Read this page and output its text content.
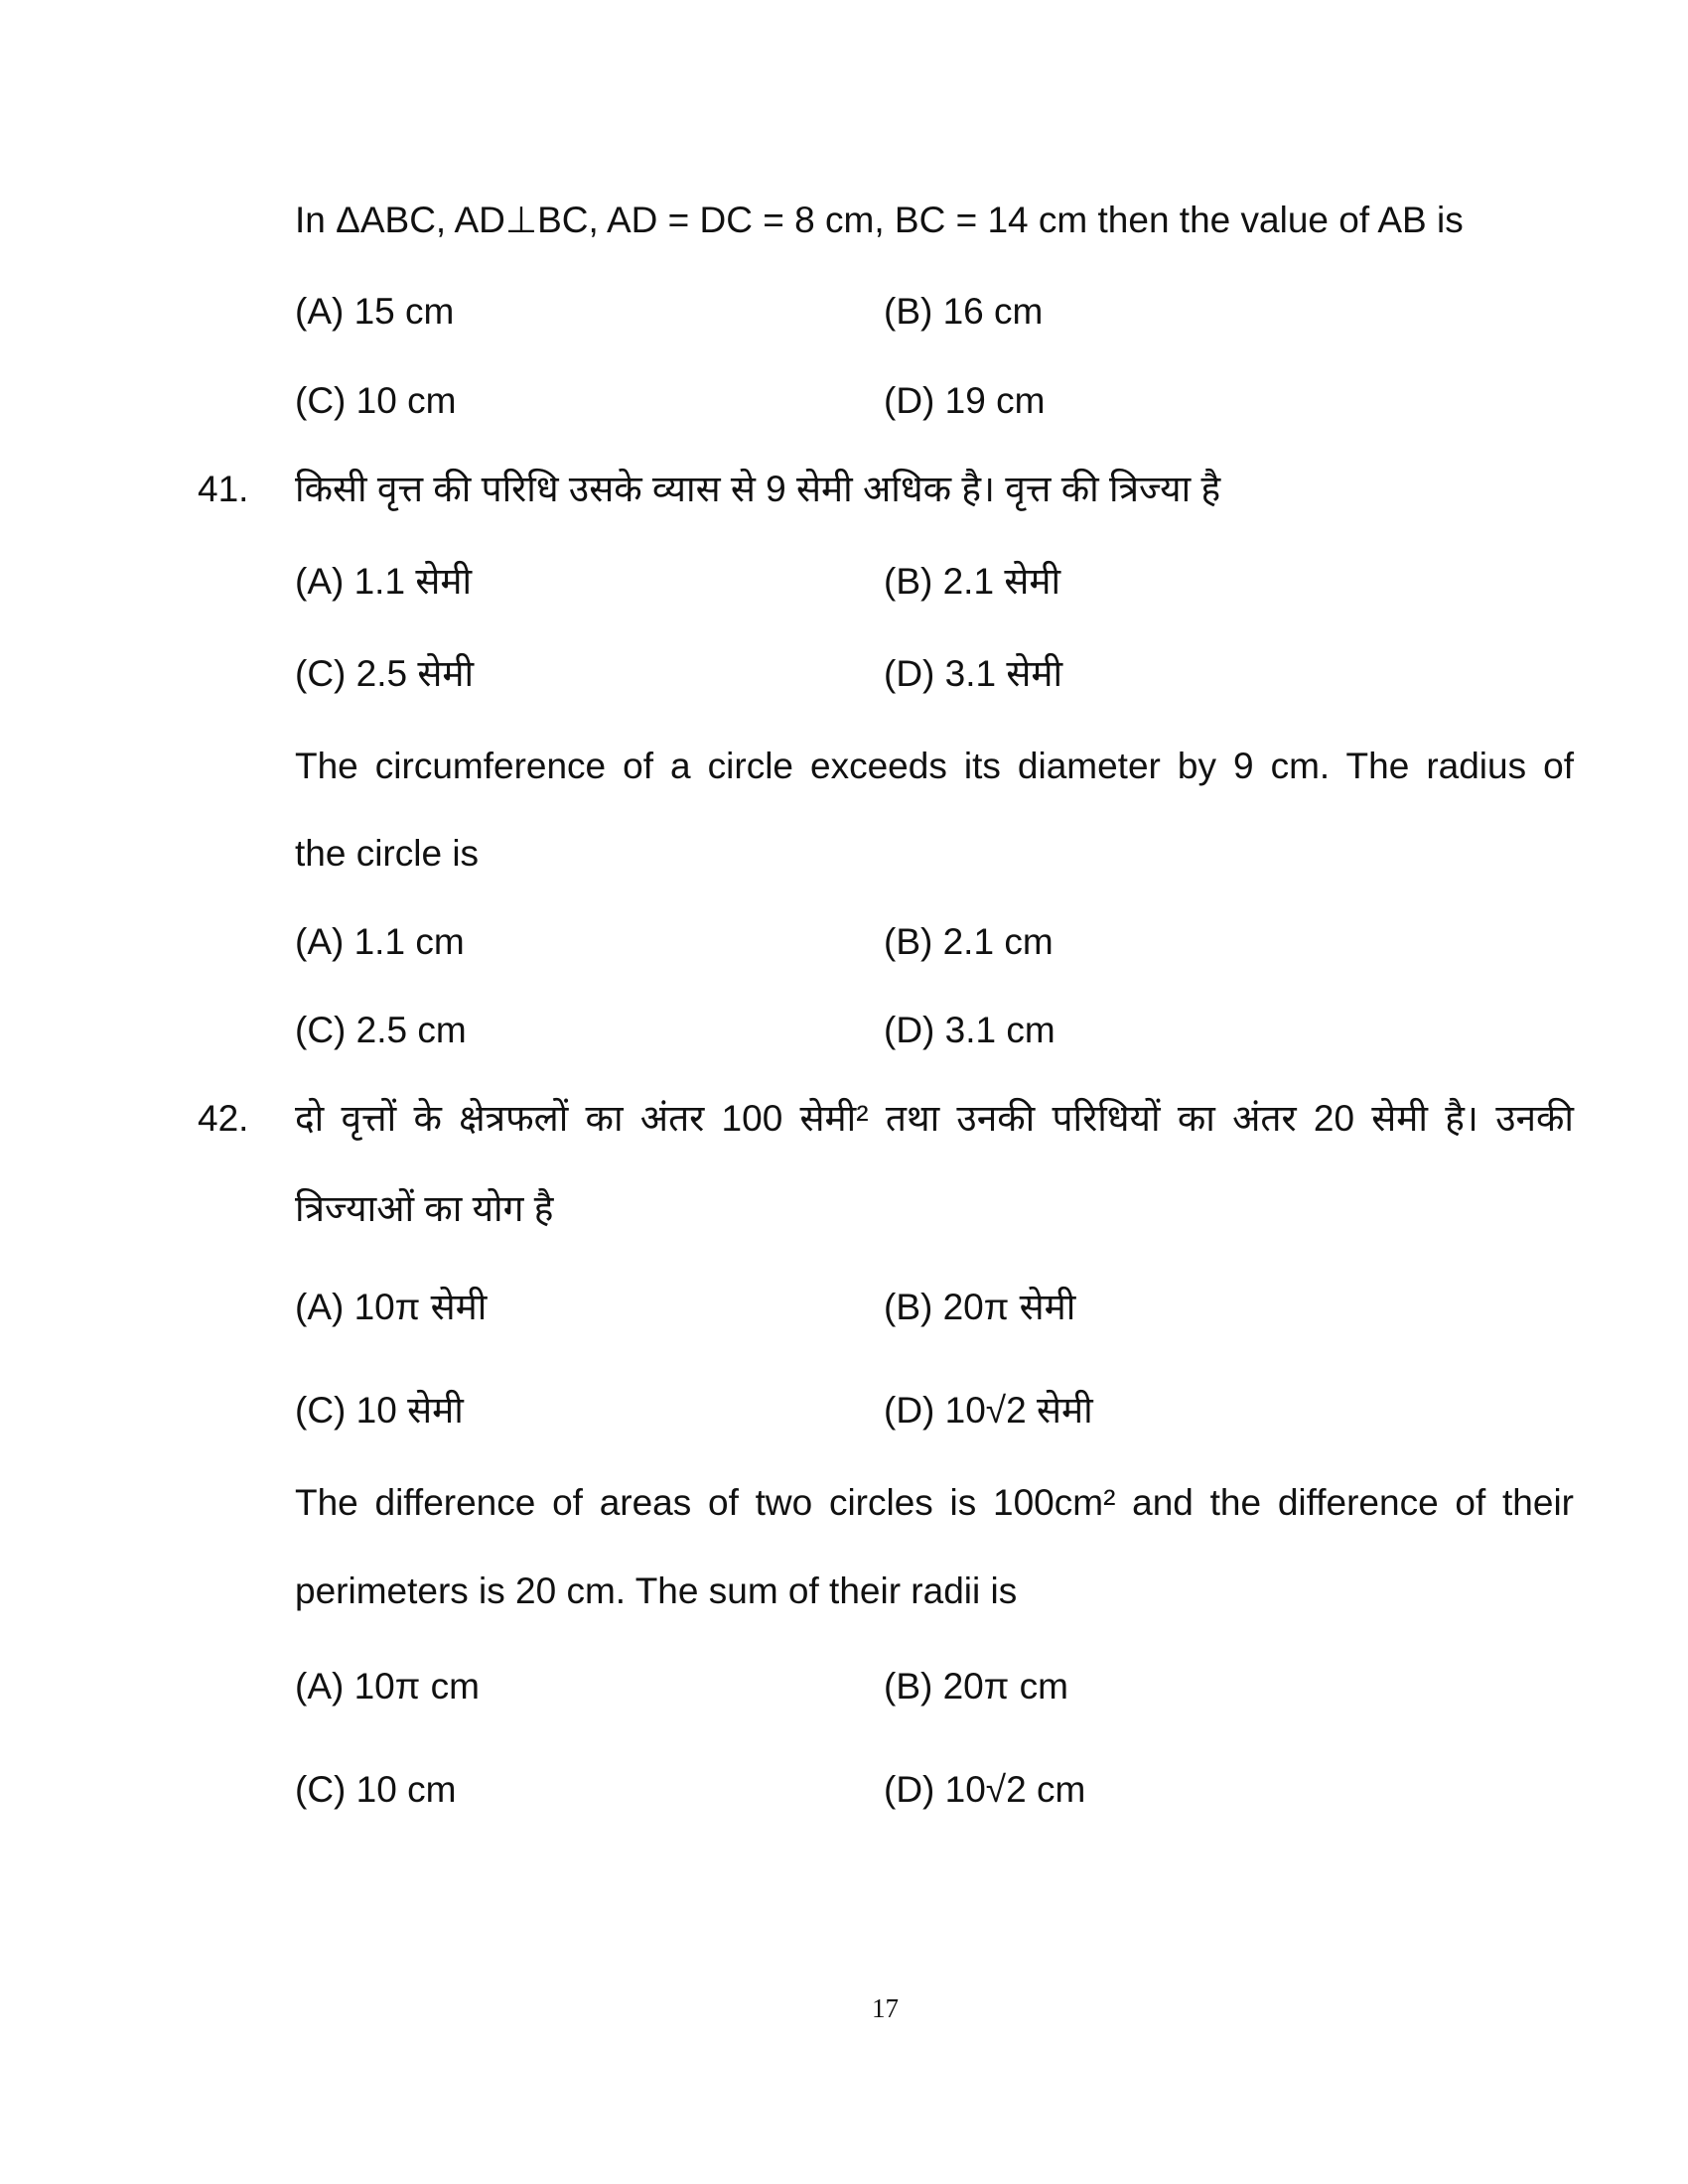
In ΔABC, AD⊥BC, AD = DC = 8 cm, BC = 14 cm then the value of AB is
(A) 15 cm	(B) 16 cm
(C) 10 cm	(D) 19 cm
41. किसी वृत्त की परिधि उसके व्यास से 9 सेमी अधिक है। वृत्त की त्रिज्या है
(A) 1.1 सेमी	(B) 2.1 सेमी
(C) 2.5 सेमी	(D) 3.1 सेमी
The circumference of a circle exceeds its diameter by 9 cm. The radius of
the circle is
(A) 1.1 cm	(B) 2.1 cm
(C) 2.5 cm	(D) 3.1 cm
42. दो वृत्तों के क्षेत्रफलों का अंतर 100 सेमी² तथा उनकी परिधियों का अंतर 20 सेमी है। उनकी
त्रिज्याओं का योग है
(A) 10π सेमी	(B) 20π सेमी
(C) 10 सेमी	(D) 10√2 सेमी
The difference of areas of two circles is 100cm² and the difference of their
perimeters is 20 cm. The sum of their radii is
(A) 10π cm	(B) 20π cm
(C) 10 cm	(D) 10√2 cm
17
